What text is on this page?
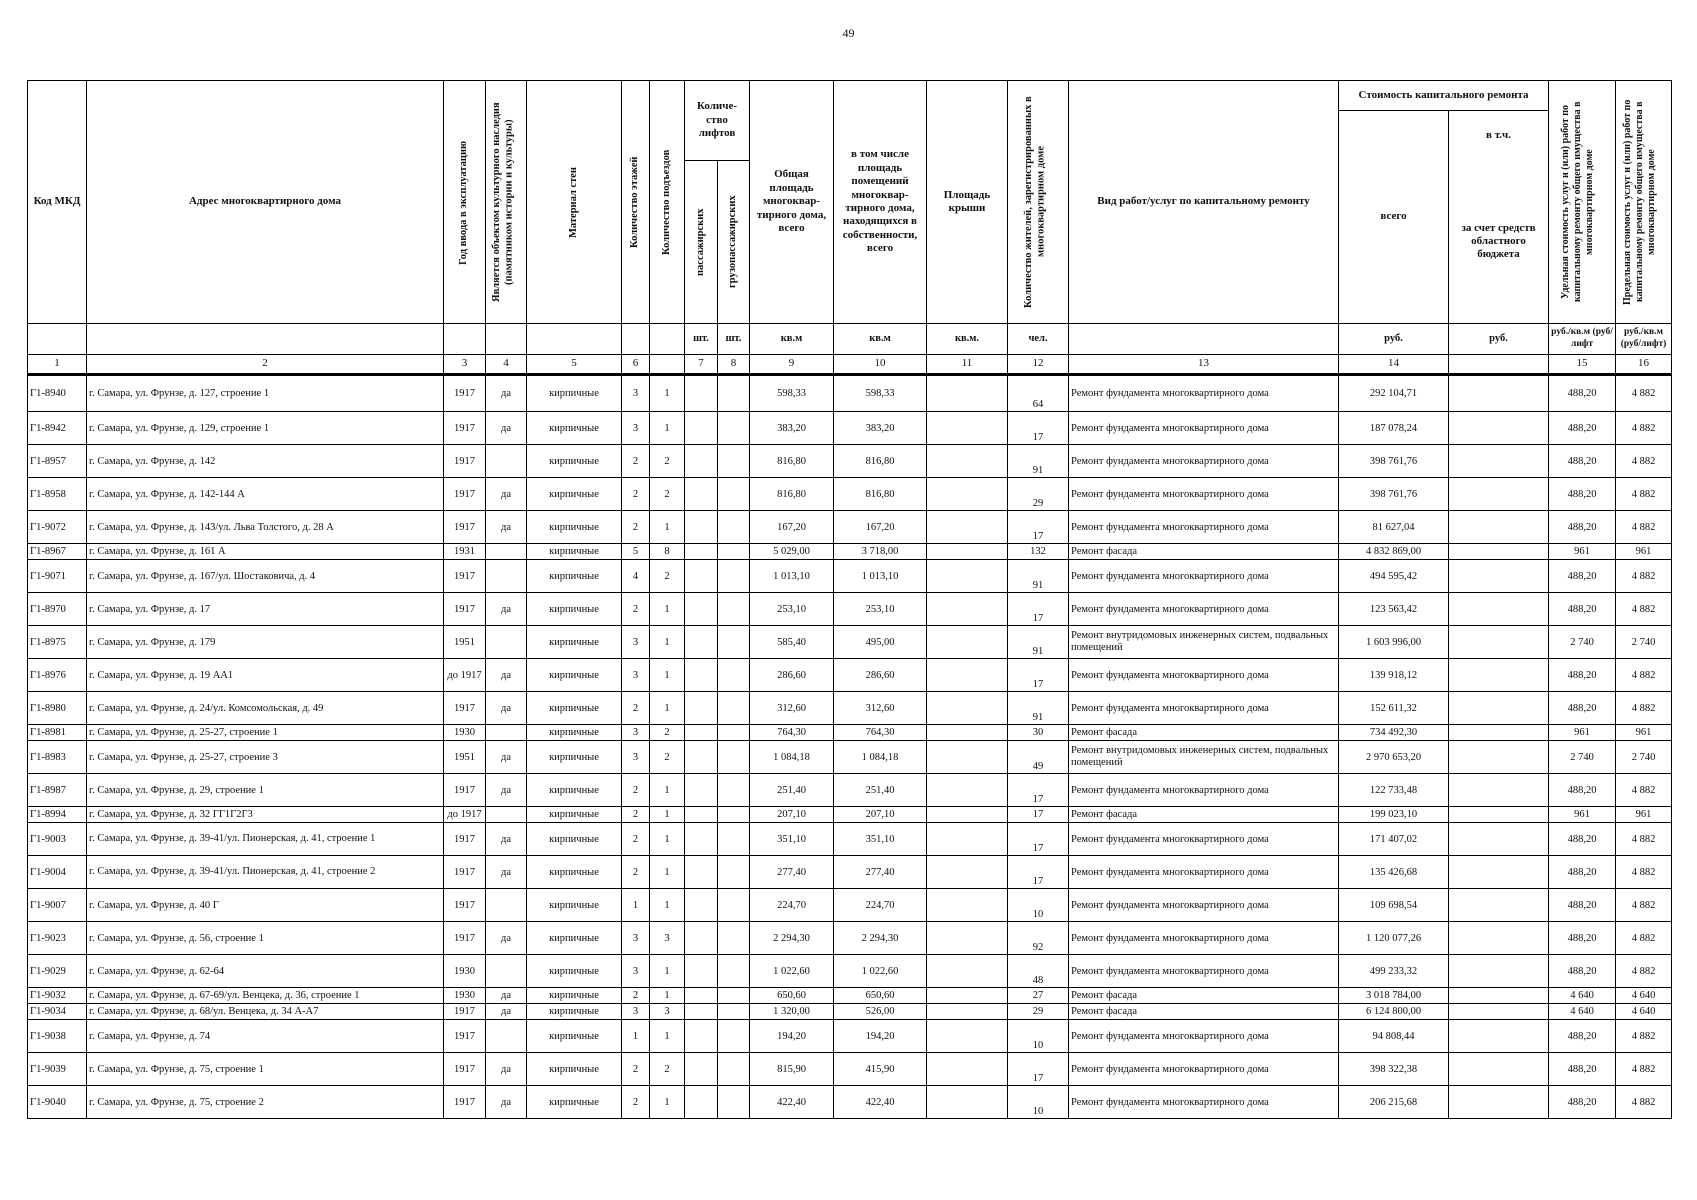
49
Код МКД	Адрес многоквартирного дома	Год ввода в эксплуатацию	Является объектом культурного наследия (памятником истории и культуры)	Материал стен	Количество этажей	Количество подъездов	Количе-ство лифтов		Общая площадь многоквар-тирного дома, всего	в том числе площадь помещений многоквар-тирного дома, находящихся в собственности, всего	Площадь крыши	Количество жителей, зарегистрированных в многоквартирном доме	Вид работ/услуг по капитальному ремонту	Стоимость капитального ремонта		Удельная стоимость услуг и (или) работ по капитальному ремонту общего имущества в многоквартирном доме	Предельная стоимость услуг и (или) работ по капитальному ремонту общего имущества в многоквартирном доме

														всего	в т.ч.		

							пассажирских	грузопассажирских							за счет средств областного бюджета		
							шт.	шт.	кв.м	кв.м	кв.м.	чел.		руб.	руб.	руб./кв.м (руб/лифт	руб./кв.м (руб/лифт)
1	2	3	4	5	6		7	8	9	10	11	12	13	14		15	16
Г1-8940	г. Самара, ул. Фрунзе, д. 127, строение 1	1917	да	кирпичные	3	1			598,33	598,33		64	Ремонт фундамента многоквартирного дома	292 104,71		488,20	4 882
Г1-8942	г. Самара, ул. Фрунзе, д. 129, строение 1	1917	да	кирпичные	3	1			383,20	383,20		17	Ремонт фундамента многоквартирного дома	187 078,24		488,20	4 882
Г1-8957	г. Самара, ул. Фрунзе, д. 142	1917		кирпичные	2	2			816,80	816,80		91	Ремонт фундамента многоквартирного дома	398 761,76		488,20	4 882
Г1-8958	г. Самара, ул. Фрунзе, д. 142-144 А	1917	да	кирпичные	2	2			816,80	816,80		29	Ремонт фундамента многоквартирного дома	398 761,76		488,20	4 882
Г1-9072	г. Самара, ул. Фрунзе, д. 143/ул. Льва Толстого, д. 28 А	1917	да	кирпичные	2	1			167,20	167,20		17	Ремонт фундамента многоквартирного дома	81 627,04		488,20	4 882
Г1-8967	г. Самара, ул. Фрунзе, д. 161 А	1931		кирпичные	5	8			5 029,00	3 718,00		132	Ремонт фасада	4 832 869,00		961	961
Г1-9071	г. Самара, ул. Фрунзе, д. 167/ул. Шостаковича, д. 4	1917		кирпичные	4	2			1 013,10	1 013,10		91	Ремонт фундамента многоквартирного дома	494 595,42		488,20	4 882
Г1-8970	г. Самара, ул. Фрунзе, д. 17	1917	да	кирпичные	2	1			253,10	253,10		17	Ремонт фундамента многоквартирного дома	123 563,42		488,20	4 882
Г1-8975	г. Самара, ул. Фрунзе, д. 179	1951		кирпичные	3	1			585,40	495,00		91	Ремонт внутридомовых инженерных систем, подвальных помещений	1 603 996,00		2 740	2 740
Г1-8976	г. Самара, ул. Фрунзе, д. 19 АА1	до 1917	да	кирпичные	3	1			286,60	286,60		17	Ремонт фундамента многоквартирного дома	139 918,12		488,20	4 882
Г1-8980	г. Самара, ул. Фрунзе, д. 24/ул. Комсомольская, д. 49	1917	да	кирпичные	2	1			312,60	312,60		91	Ремонт фундамента многоквартирного дома	152 611,32		488,20	4 882
Г1-8981	г. Самара, ул. Фрунзе, д. 25-27, строение 1	1930		кирпичные	3	2			764,30	764,30		30	Ремонт фасада	734 492,30		961	961
Г1-8983	г. Самара, ул. Фрунзе, д. 25-27, строение 3	1951	да	кирпичные	3	2			1 084,18	1 084,18		49	Ремонт внутридомовых инженерных систем, подвальных помещений	2 970 653,20		2 740	2 740
Г1-8987	г. Самара, ул. Фрунзе, д. 29, строение 1	1917	да	кирпичные	2	1			251,40	251,40		17	Ремонт фундамента многоквартирного дома	122 733,48		488,20	4 882
Г1-8994	г. Самара, ул. Фрунзе, д. 32 ГГ1Г2Г3	до 1917		кирпичные	2	1			207,10	207,10		17	Ремонт фасада	199 023,10		961	961
Г1-9003	г. Самара, ул. Фрунзе, д. 39-41/ул. Пионерская, д. 41, строение 1	1917	да	кирпичные	2	1			351,10	351,10		17	Ремонт фундамента многоквартирного дома	171 407,02		488,20	4 882
Г1-9004	г. Самара, ул. Фрунзе, д. 39-41/ул. Пионерская, д. 41, строение 2	1917	да	кирпичные	2	1			277,40	277,40		17	Ремонт фундамента многоквартирного дома	135 426,68		488,20	4 882
Г1-9007	г. Самара, ул. Фрунзе, д. 40 Г	1917		кирпичные	1	1			224,70	224,70		10	Ремонт фундамента многоквартирного дома	109 698,54		488,20	4 882
Г1-9023	г. Самара, ул. Фрунзе, д. 56, строение 1	1917	да	кирпичные	3	3			2 294,30	2 294,30		92	Ремонт фундамента многоквартирного дома	1 120 077,26		488,20	4 882
Г1-9029	г. Самара, ул. Фрунзе, д. 62-64	1930		кирпичные	3	1			1 022,60	1 022,60		48	Ремонт фундамента многоквартирного дома	499 233,32		488,20	4 882
Г1-9032	г. Самара, ул. Фрунзе, д. 67-69/ул. Венцека, д. 36, строение 1	1930	да	кирпичные	2	1			650,60	650,60		27	Ремонт фасада	3 018 784,00		4 640	4 640
Г1-9034	г. Самара, ул. Фрунзе, д. 68/ул. Венцека, д. 34 А-А7	1917	да	кирпичные	3	3			1 320,00	526,00		29	Ремонт фасада	6 124 800,00		4 640	4 640
Г1-9038	г. Самара, ул. Фрунзе, д. 74	1917		кирпичные	1	1			194,20	194,20		10	Ремонт фундамента многоквартирного дома	94 808,44		488,20	4 882
Г1-9039	г. Самара, ул. Фрунзе, д. 75, строение 1	1917	да	кирпичные	2	2			815,90	415,90		17	Ремонт фундамента многоквартирного дома	398 322,38		488,20	4 882
Г1-9040	г. Самара, ул. Фрунзе, д. 75, строение 2	1917	да	кирпичные	2	1			422,40	422,40		10	Ремонт фундамента многоквартирного дома	206 215,68		488,20	4 882
